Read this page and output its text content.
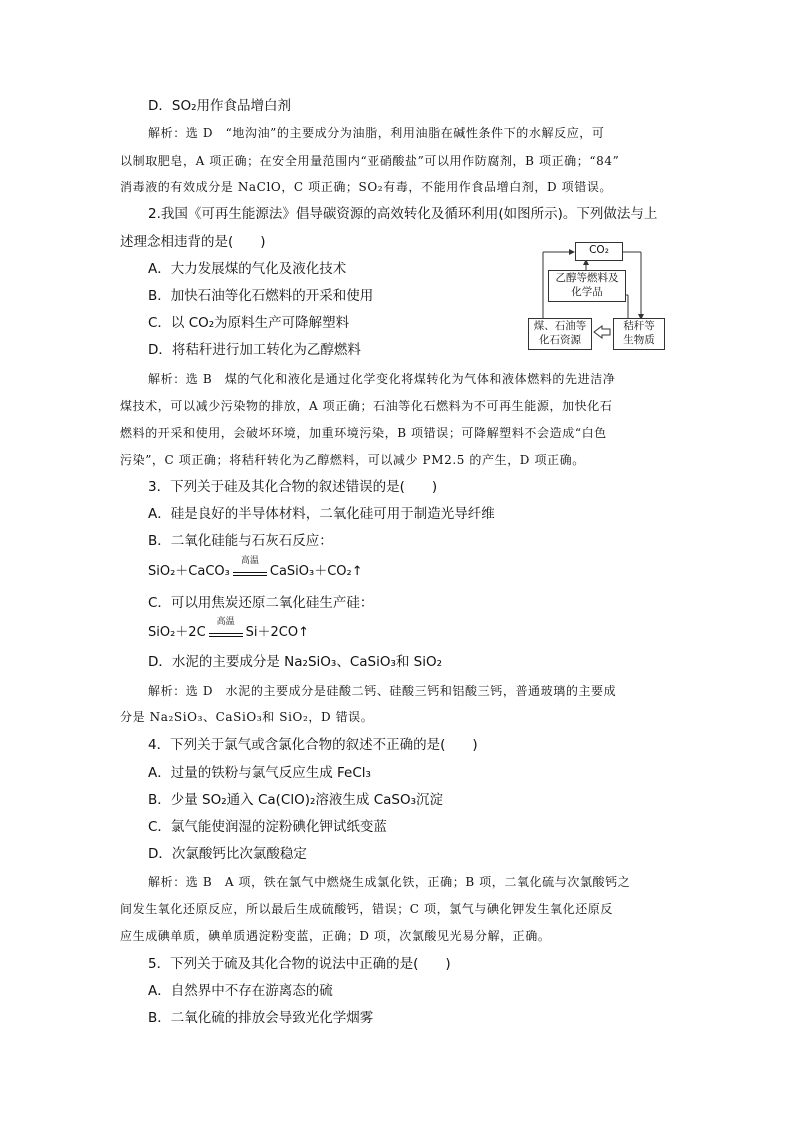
D．SO₂用作食品增白剂
解析：选 D　“地沟油”的主要成分为油脂，利用油脂在碱性条件下的水解反应，可
以制取肥皂，A 项正确；在安全用量范围内“亚硝酸盐”可以用作防腐剂，B 项正确；“84”
消毒液的有效成分是 NaClO，C 项正确；SO₂有毒，不能用作食品增白剂，D 项错误。
2.我国《可再生能源法》倡导碳资源的高效转化及循环利用(如图所示)。下列做法与上
述理念相违背的是(　　)
A．大力发展煤的气化及液化技术
B．加快石油等化石燃料的开采和使用
C．以 CO₂为原料生产可降解塑料
D．将秸秆进行加工转化为乙醇燃料
CO₂
乙醇等燃料及
化学品
煤、石油等
化石资源
秸秆等
生物质
解析：选 B　煤的气化和液化是通过化学变化将煤转化为气体和液体燃料的先进洁净
煤技术，可以减少污染物的排放，A 项正确；石油等化石燃料为不可再生能源，加快化石
燃料的开采和使用，会破坏环境，加重环境污染，B 项错误；可降解塑料不会造成“白色
污染”，C 项正确；将秸秆转化为乙醇燃料，可以减少 PM2.5 的产生，D 项正确。
3．下列关于硅及其化合物的叙述错误的是(　　)
A．硅是良好的半导体材料，二氧化硅可用于制造光导纤维
B．二氧化硅能与石灰石反应：
SiO₂＋CaCO₃
高温
CaSiO₃＋CO₂↑
C．可以用焦炭还原二氧化硅生产硅：
SiO₂＋2C
高温
Si＋2CO↑
D．水泥的主要成分是 Na₂SiO₃、CaSiO₃和 SiO₂
解析：选 D　水泥的主要成分是硅酸二钙、硅酸三钙和铝酸三钙，普通玻璃的主要成
分是 Na₂SiO₃、CaSiO₃和 SiO₂，D 错误。
4．下列关于氯气或含氯化合物的叙述不正确的是(　　)
A．过量的铁粉与氯气反应生成 FeCl₃
B．少量 SO₂通入 Ca(ClO)₂溶液生成 CaSO₃沉淀
C．氯气能使润湿的淀粉碘化钾试纸变蓝
D．次氯酸钙比次氯酸稳定
解析：选 B　A 项，铁在氯气中燃烧生成氯化铁，正确；B 项，二氧化硫与次氯酸钙之
间发生氧化还原反应，所以最后生成硫酸钙，错误；C 项，氯气与碘化钾发生氧化还原反
应生成碘单质，碘单质遇淀粉变蓝，正确；D 项，次氯酸见光易分解，正确。
5．下列关于硫及其化合物的说法中正确的是(　　)
A．自然界中不存在游离态的硫
B．二氧化硫的排放会导致光化学烟雾
